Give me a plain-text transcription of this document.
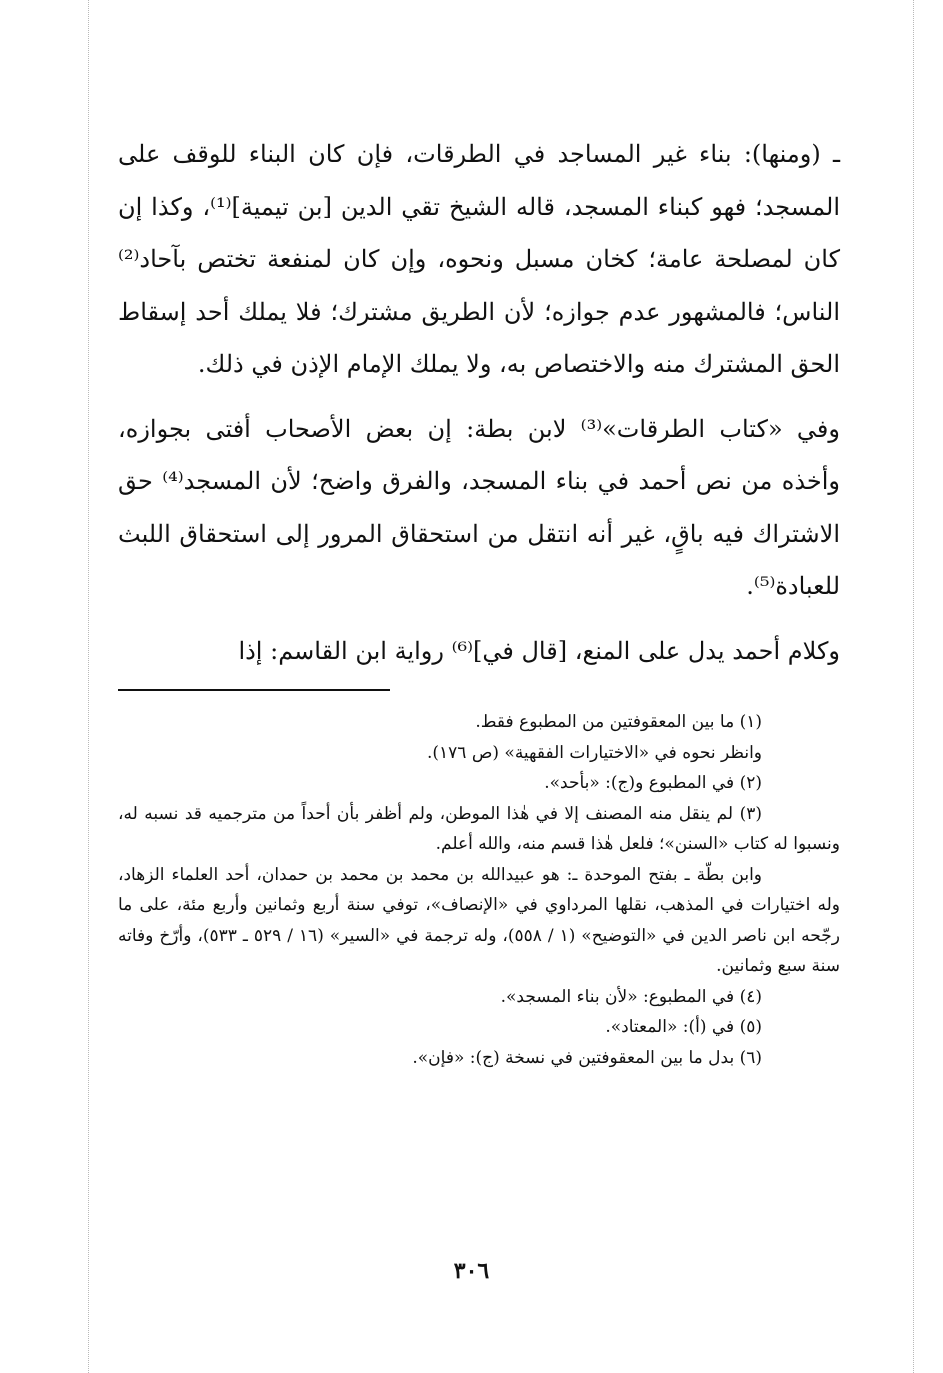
ـ (ومنها): بناء غير المساجد في الطرقات، فإن كان البناء للوقف على المسجد؛ فهو كبناء المسجد، قاله الشيخ تقي الدين [بن تيمية]⁽¹⁾، وكذا إن كان لمصلحة عامة؛ كخان مسبل ونحوه، وإن كان لمنفعة تختص بآحاد⁽²⁾ الناس؛ فالمشهور عدم جوازه؛ لأن الطريق مشترك؛ فلا يملك أحد إسقاط الحق المشترك منه والاختصاص به، ولا يملك الإمام الإذن في ذلك.

وفي «كتاب الطرقات»⁽³⁾ لابن بطة: إن بعض الأصحاب أفتى بجوازه، وأخذه من نص أحمد في بناء المسجد، والفرق واضح؛ لأن المسجد⁽⁴⁾ حق الاشتراك فيه باقٍ، غير أنه انتقل من استحقاق المرور إلى استحقاق اللبث للعبادة⁽⁵⁾.

وكلام أحمد يدل على المنع، [قال في]⁽⁶⁾ رواية ابن القاسم: إذا

(١) ما بين المعقوفتين من المطبوع فقط.

وانظر نحوه في «الاختيارات الفقهية» (ص ١٧٦).

(٢) في المطبوع و(ج): «بأحد».

(٣) لم ينقل منه المصنف إلا في هٰذا الموطن، ولم أظفر بأن أحداً من مترجميه قد نسبه له، ونسبوا له كتاب «السنن»؛ فلعل هٰذا قسم منه، والله أعلم.

وابن بطّة ـ بفتح الموحدة ـ: هو عبيدالله بن محمد بن محمد بن حمدان، أحد العلماء الزهاد، وله اختيارات في المذهب، نقلها المرداوي في «الإنصاف»، توفي سنة أربع وثمانين وأربع مئة، على ما رجّحه ابن ناصر الدين في «التوضيح» (١ / ٥٥٨)، وله ترجمة في «السير» (١٦ / ٥٢٩ ـ ٥٣٣)، وأرّخ وفاته سنة سبع وثمانين.

(٤) في المطبوع: «لأن بناء المسجد».

(٥) في (أ): «المعتاد».

(٦) بدل ما بين المعقوفتين في نسخة (ج): «فإن».

٣٠٦
